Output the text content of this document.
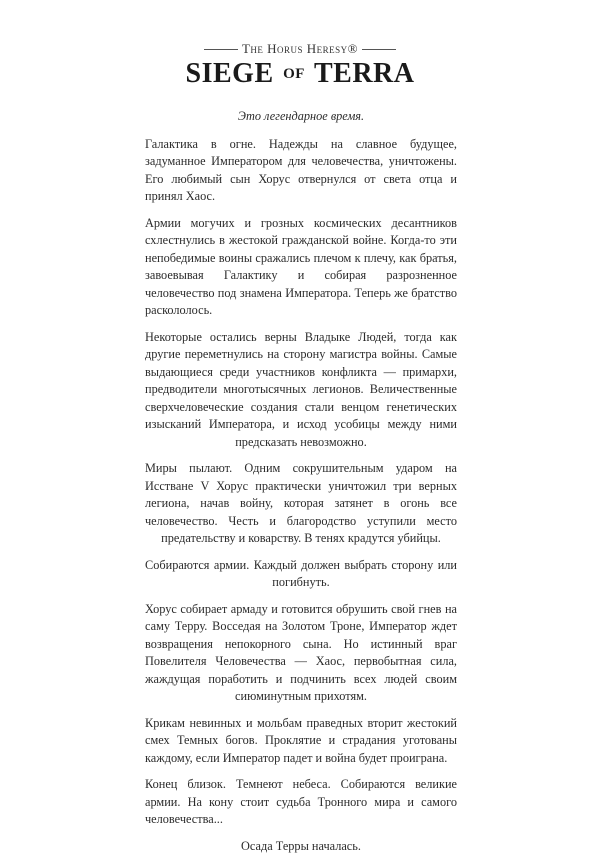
The Horus Heresy®
SIEGE OF TERRA

Это легендарное время.

Галактика в огне. Надежды на славное будущее, задуманное Императором для человечества, уничтожены. Его любимый сын Хорус отвернулся от света отца и принял Хаос.

Армии могучих и грозных космических десантников схлестнулись в жестокой гражданской войне. Когда-то эти непобедимые воины сражались плечом к плечу, как братья, завоевывая Галактику и собирая разрозненное человечество под знамена Императора. Теперь же братство раскололось.

Некоторые остались верны Владыке Людей, тогда как другие переметнулись на сторону магистра войны. Самые выдающиеся среди участников конфликта — примархи, предводители многотысячных легионов. Величественные сверхчеловеческие создания стали венцом генетических изысканий Императора, и исход усобицы между ними предсказать невозможно.

Миры пылают. Одним сокрушительным ударом на Исстване V Хорус практически уничтожил три верных легиона, начав войну, которая затянет в огонь все человечество. Честь и благородство уступили место предательству и коварству. В тенях крадутся убийцы.

Собираются армии. Каждый должен выбрать сторону или погибнуть.

Хорус собирает армаду и готовится обрушить свой гнев на саму Терру. Восседая на Золотом Троне, Император ждет возвращения непокорного сына. Но истинный враг Повелителя Человечества — Хаос, первобытная сила, жаждущая поработить и подчинить всех людей своим сиюминутным прихотям.

Крикам невинных и мольбам праведных вторит жестокий смех Темных богов. Проклятие и страдания уготованы каждому, если Император падет и война будет проиграна.

Конец близок. Темнеют небеса. Собираются великие армии. На кону стоит судьба Тронного мира и самого человечества...

Осада Терры началась.
